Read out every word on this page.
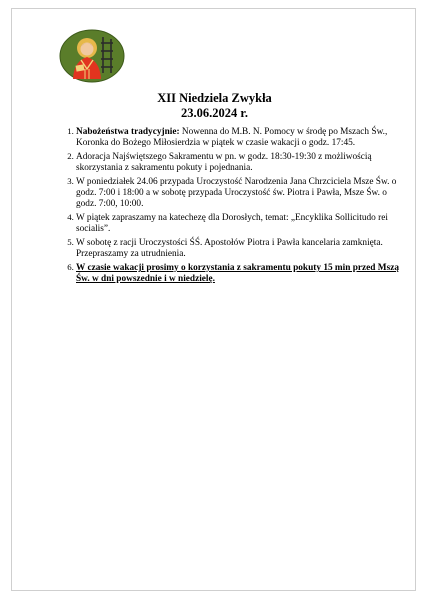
XII Niedziela Zwykła
23.06.2024 r.
1. Nabożeństwa tradycyjnie: Nowenna do M.B. N. Pomocy w środę po Mszach Św., Koronka do Bożego Miłosierdzia w piątek w czasie wakacji o godz. 17:45.
2. Adoracja Najświętszego Sakramentu w pn. w godz. 18:30-19:30 z możliwością skorzystania z sakramentu pokuty i pojednania.
3. W poniedziałek 24.06 przypada Uroczystość Narodzenia Jana Chrzciciela Msze Św. o godz. 7:00 i 18:00 a w sobotę przypada Uroczystość św. Piotra i Pawła, Msze Św. o godz. 7:00, 10:00.
4. W piątek zapraszamy na katechezę dla Dorosłych, temat: „Encyklika Sollicitudo rei socialis”.
5. W sobotę z racji Uroczystości ŚŚ. Apostołów Piotra i Pawła kancelaria zamknięta. Przepraszamy za utrudnienia.
6. W czasie wakacji prosimy o korzystania z sakramentu pokuty 15 min przed Mszą Św. w dni powszednie i w niedzielę.
